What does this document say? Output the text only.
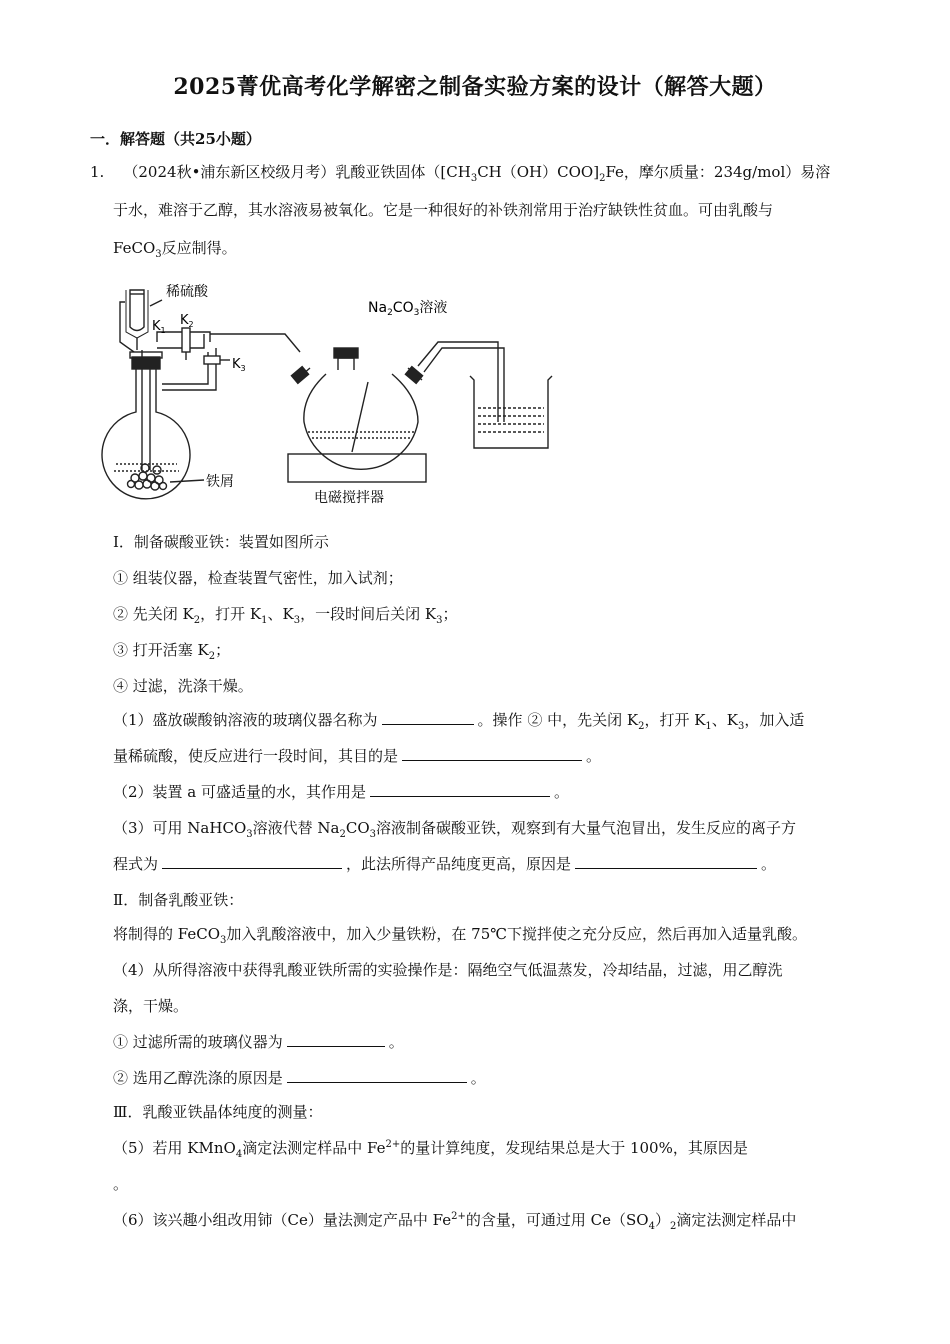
2025菁优高考化学解密之制备实验方案的设计（解答大题）
一．解答题（共25小题）
1. （2024秋•浦东新区校级月考）乳酸亚铁固体（$[CH_3CH(OH)COO]_2Fe$，摩尔质量：234g/mol）易溶
于水，难溶于乙醇，其水溶液易被氧化。它是一种很好的补铁剂常用于治疗缺铁性贫血。可由乳酸与
FeCO$_3$反应制得。
稀硫酸
$K_1$
$K_2$
$K_3$
$Na_2CO_3$溶液
铁屑
电磁搅拌器
I．制备碳酸亚铁：装置如图所示
① 组装仪器，检查装置气密性，加入试剂；
② 先关闭 $K_2$，打开 $K_1$、$K_3$，一段时间后关闭 $K_3$；
③ 打开活塞 $K_2$；
④ 过滤，洗涤干燥。
（1）盛放碳酸钠溶液的玻璃仪器名称为	。操作 ② 中，先关闭 $K_2$，打开 $K_1$、$K_3$，加入适
量稀硫酸，使反应进行一段时间，其目的是	。
（2）装置 a 可盛适量的水，其作用是	。
（3）可用 NaHCO$_3$溶液代替 $Na_2CO_3$溶液制备碳酸亚铁，观察到有大量气泡冒出，发生反应的离子方
程式为	，此法所得产品纯度更高，原因是	。
Ⅱ．制备乳酸亚铁：
将制得的 FeCO$_3$加入乳酸溶液中，加入少量铁粉，在 75℃下搅拌使之充分反应，然后再加入适量乳酸。
（4）从所得溶液中获得乳酸亚铁所需的实验操作是：隔绝空气低温蒸发，冷却结晶，过滤，用乙醇洗
涤，干燥。
① 过滤所需的玻璃仪器为	。
② 选用乙醇洗涤的原因是	。
Ⅲ．乳酸亚铁晶体纯度的测量：
（5）若用 KMnO$_4$滴定法测定样品中 $Fe^{2+}$的量计算纯度，发现结果总是大于 100%，其原因是
。
（6）该兴趣小组改用铈（Ce）量法测定产品中 $Fe^{2+}$的含量，可通过用 $Ce(SO_4)_2$滴定法测定样品中
